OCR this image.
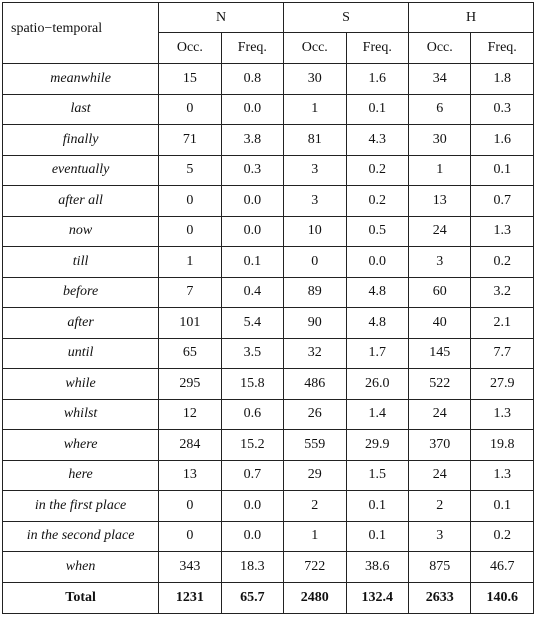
spatio−temporal	N		S		H	
	Occ.	Freq.	Occ.	Freq.	Occ.	Freq.
meanwhile	15	0.8	30	1.6	34	1.8
last	0	0.0	1	0.1	6	0.3
finally	71	3.8	81	4.3	30	1.6
eventually	5	0.3	3	0.2	1	0.1
after all	0	0.0	3	0.2	13	0.7
now	0	0.0	10	0.5	24	1.3
till	1	0.1	0	0.0	3	0.2
before	7	0.4	89	4.8	60	3.2
after	101	5.4	90	4.8	40	2.1
until	65	3.5	32	1.7	145	7.7
while	295	15.8	486	26.0	522	27.9
whilst	12	0.6	26	1.4	24	1.3
where	284	15.2	559	29.9	370	19.8
here	13	0.7	29	1.5	24	1.3
in the first place	0	0.0	2	0.1	2	0.1
in the second place	0	0.0	1	0.1	3	0.2
when	343	18.3	722	38.6	875	46.7
Total	1231	65.7	2480	132.4	2633	140.6
